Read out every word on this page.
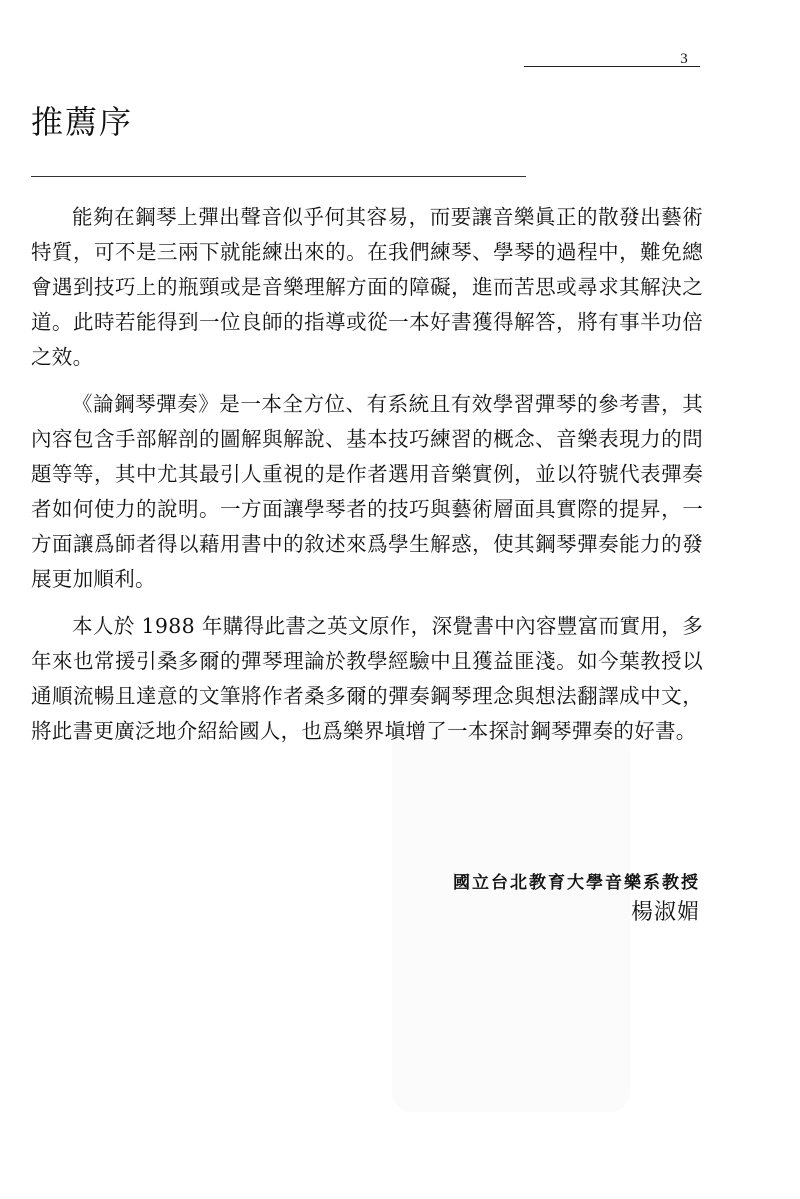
3
推薦序

能夠在鋼琴上彈出聲音似乎何其容易，而要讓音樂眞正的散發出藝術特質，可不是三兩下就能練出來的。在我們練琴、學琴的過程中，難免總會遇到技巧上的瓶頸或是音樂理解方面的障礙，進而苦思或尋求其解決之道。此時若能得到一位良師的指導或從一本好書獲得解答，將有事半功倍之效。

《論鋼琴彈奏》是一本全方位、有系統且有效學習彈琴的參考書，其內容包含手部解剖的圖解與解說、基本技巧練習的概念、音樂表現力的問題等等，其中尤其最引人重視的是作者選用音樂實例，並以符號代表彈奏者如何使力的說明。一方面讓學琴者的技巧與藝術層面具實際的提昇，一方面讓爲師者得以藉用書中的敘述來爲學生解惑，使其鋼琴彈奏能力的發展更加順利。

本人於 1988 年購得此書之英文原作，深覺書中內容豐富而實用，多年來也常援引桑多爾的彈琴理論於教學經驗中且獲益匪淺。如今葉教授以通順流暢且達意的文筆將作者桑多爾的彈奏鋼琴理念與想法翻譯成中文，將此書更廣泛地介紹給國人，也爲樂界塡增了一本探討鋼琴彈奏的好書。

國立台北教育大學音樂系教授
楊淑媚
